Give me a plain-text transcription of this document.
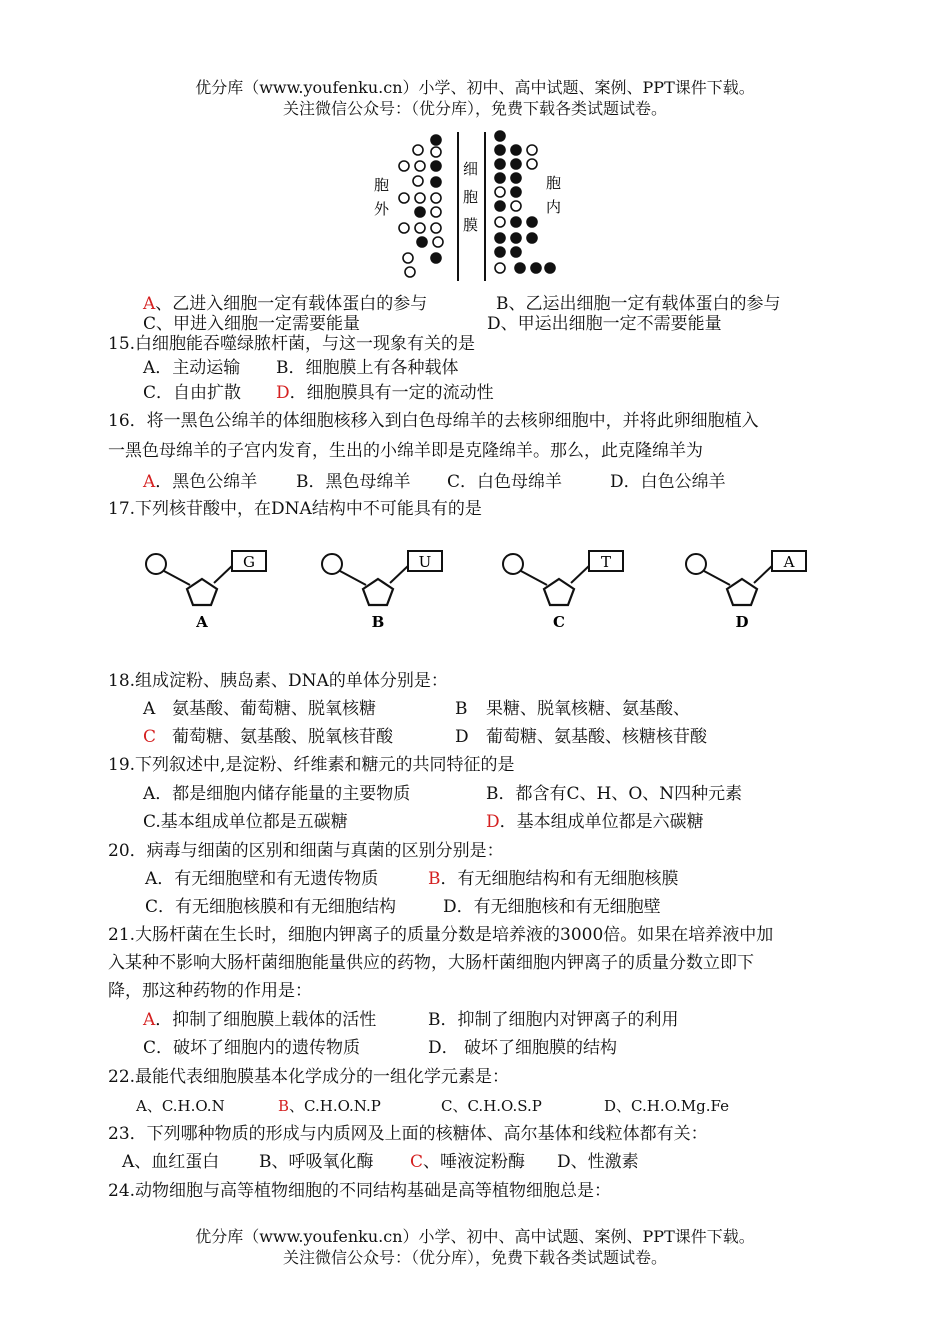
优分库（www.youfenku.cn）小学、初中、高中试题、案例、PPT课件下载。
关注微信公众号：（优分库），免费下载各类试题试卷。
胞
外
细
胞
膜
胞
内
A、乙进入细胞一定有载体蛋白的参与	B、乙运出细胞一定有载体蛋白的参与
C、甲进入细胞一定需要能量	D、甲运出细胞一定不需要能量
15.白细胞能吞噬绿脓杆菌，与这一现象有关的是
A．主动运输 B．细胞膜上有各种载体
C．自由扩散 D．细胞膜具有一定的流动性
16．将一黑色公绵羊的体细胞核移入到白色母绵羊的去核卵细胞中，并将此卵细胞植入
一黑色母绵羊的子宫内发育，生出的小绵羊即是克隆绵羊。那么，此克隆绵羊为
A．黑色公绵羊 B．黑色母绵羊 C．白色母绵羊	D．白色公绵羊
17.下列核苷酸中，在DNA结构中不可能具有的是
G
A
U
B
T
C
A
D
18.组成淀粉、胰岛素、DNA的单体分别是：
A 氨基酸、葡萄糖、脱氧核糖	B 果糖、脱氧核糖、氨基酸、
C 葡萄糖、氨基酸、脱氧核苷酸	D 葡萄糖、氨基酸、核糖核苷酸
19.下列叙述中,是淀粉、纤维素和糖元的共同特征的是
A．都是细胞内储存能量的主要物质	B．都含有C、H、O、N四种元素
C.基本组成单位都是五碳糖	D．基本组成单位都是六碳糖
20．病毒与细菌的区别和细菌与真菌的区别分别是：
A．有无细胞壁和有无遗传物质	B．有无细胞结构和有无细胞核膜
C．有无细胞核膜和有无细胞结构	D．有无细胞核和有无细胞壁
21.大肠杆菌在生长时，细胞内钾离子的质量分数是培养液的3000倍。如果在培养液中加
入某种不影响大肠杆菌细胞能量供应的药物，大肠杆菌细胞内钾离子的质量分数立即下
降，那这种药物的作用是：
A．抑制了细胞膜上载体的活性	B．抑制了细胞内对钾离子的利用
C．破坏了细胞内的遗传物质	D． 破坏了细胞膜的结构
22.最能代表细胞膜基本化学成分的一组化学元素是：
A、C.H.O.N	B、C.H.O.N.P	C、C.H.O.S.P	D、C.H.O.Mg.Fe
23．下列哪种物质的形成与内质网及上面的核糖体、高尔基体和线粒体都有关：
A、血红蛋白 B、呼吸氧化酶 C、唾液淀粉酶 D、性激素
24.动物细胞与高等植物细胞的不同结构基础是高等植物细胞总是：
优分库（www.youfenku.cn）小学、初中、高中试题、案例、PPT课件下载。
关注微信公众号：（优分库），免费下载各类试题试卷。
